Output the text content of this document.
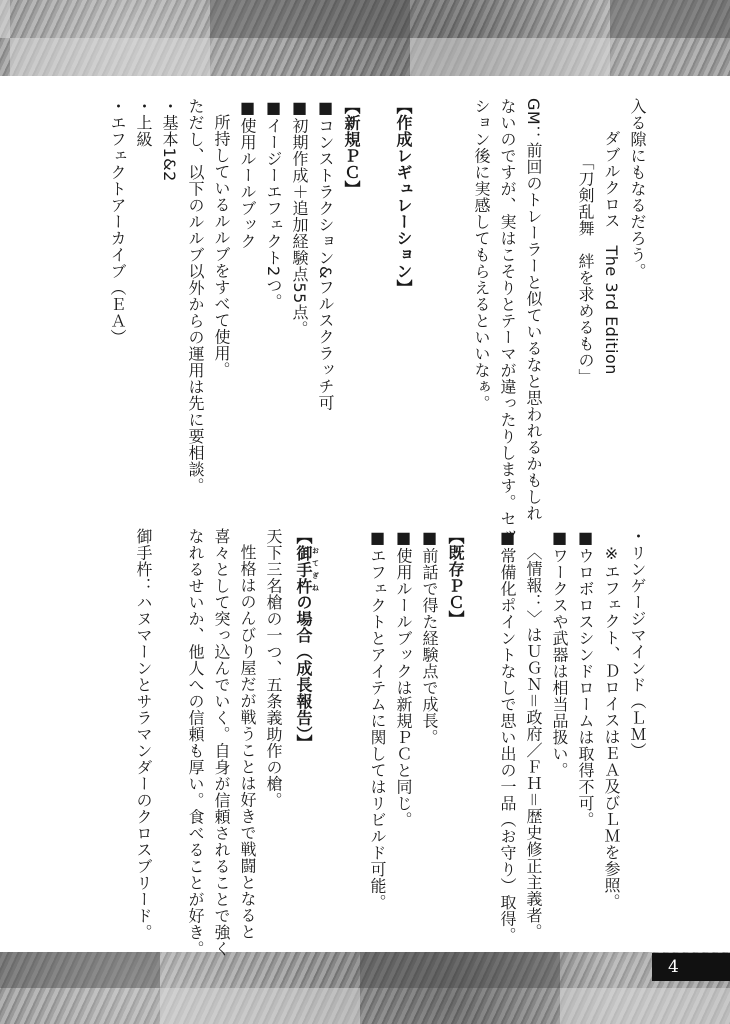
4
入る隙にもなるだろう。
ダブルクロス　The 3rd Edition
「刀剣乱舞　絆を求めるもの」
GM：前回のトレーラーと似ているなと思われるかもしれ
ないのですが、実はこそりとテーマが違ったりします。セッ
ション後に実感してもらえるといいなぁ。
【作成レギュレーション】
【新規ＰＣ】
■コンストラクション&フルスクラッチ可
■初期作成＋追加経験点55点。
■イージーエフェクト2つ。
■使用ルールブック
所持しているルルブをすべて使用。
ただし、以下のルルブ以外からの運用は先に要相談。
・基本1&2
・上級
・エフェクトアーカイブ（ＥＡ）
・リンゲージマインド（ＬＭ）
※エフェクト、ＤロイスはＥＡ及びＬＭを参照。
■ウロボロスシンドロームは取得不可。
■ワークスや武器は相当品扱い。
〈情報：〉はＵＧＮ＝政府／ＦＨ＝歴史修正主義者。
■常備化ポイントなしで思い出の一品（お守り）取得。
【既存ＰＣ】
■前話で得た経験点で成長。
■使用ルールブックは新規ＰＣと同じ。
■エフェクトとアイテムに関してはリビルド可能。
【御手杵おてぎねの場合（成長報告）】
天下三名槍の一つ、五条義助作の槍。
性格はのんびり屋だが戦うことは好きで戦闘となると
喜々として突っ込んでいく。自身が信頼されることで強く
なれるせいか、他人への信頼も厚い。食べることが好き。
御手杵：ハヌマーンとサラマンダーのクロスブリード。
